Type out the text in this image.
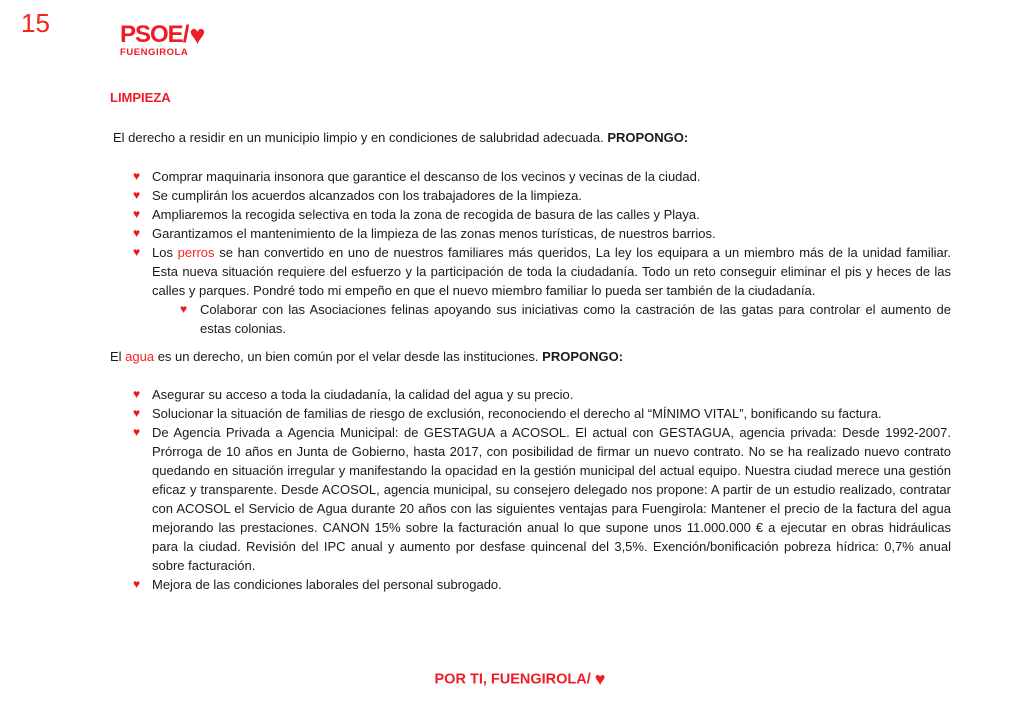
15	PSOE/ ♥
FUENGIROLA
LIMPIEZA

El derecho a residir en un municipio limpio y en condiciones de salubridad adecuada. PROPONGO:

♥ Comprar maquinaria insonora que garantice el descanso de los vecinos y vecinas de la ciudad.
♥ Se cumplirán los acuerdos alcanzados con los trabajadores de la limpieza.
♥ Ampliaremos la recogida selectiva en toda la zona de recogida de basura de las calles y Playa.
♥ Garantizamos el mantenimiento de la limpieza de las zonas menos turísticas, de nuestros barrios.
♥ Los perros se han convertido en uno de nuestros familiares más queridos, La ley los equipara a un miembro más de la unidad familiar. Esta nueva situación requiere del esfuerzo y la participación de toda la ciudadanía. Todo un reto conseguir eliminar el pis y heces de las calles y parques. Pondré todo mi empeño en que el nuevo miembro familiar lo pueda ser también de la ciudadanía.
♥ Colaborar con las Asociaciones felinas apoyando sus iniciativas como la castración de las gatas para controlar el aumento de estas colonias.

El agua es un derecho, un bien común por el velar desde las instituciones. PROPONGO:

♥ Asegurar su acceso a toda la ciudadanía, la calidad del agua y su precio.
♥ Solucionar la situación de familias de riesgo de exclusión, reconociendo el derecho al “MÍNIMO VITAL”, bonificando su factura.
♥ De Agencia Privada a Agencia Municipal: de GESTAGUA a ACOSOL. El actual con GESTAGUA, agencia privada: Desde 1992-2007. Prórroga de 10 años en Junta de Gobierno, hasta 2017, con posibilidad de firmar un nuevo contrato. No se ha realizado nuevo contrato quedando en situación irregular y manifestando la opacidad en la gestión municipal del actual equipo. Nuestra ciudad merece una gestión eficaz y transparente. Desde ACOSOL, agencia municipal, su consejero delegado nos propone: A partir de un estudio realizado, contratar con ACOSOL el Servicio de Agua durante 20 años con las siguientes ventajas para Fuengirola: Mantener el precio de la factura del agua mejorando las prestaciones. CANON 15% sobre la facturación anual lo que supone unos 11.000.000 € a ejecutar en obras hidráulicas para la ciudad. Revisión del IPC anual y aumento por desfase quincenal del 3,5%. Exención/bonificación pobreza hídrica: 0,7% anual sobre facturación.
♥ Mejora de las condiciones laborales del personal subrogado.
POR TI, FUENGIROLA/ ♥
